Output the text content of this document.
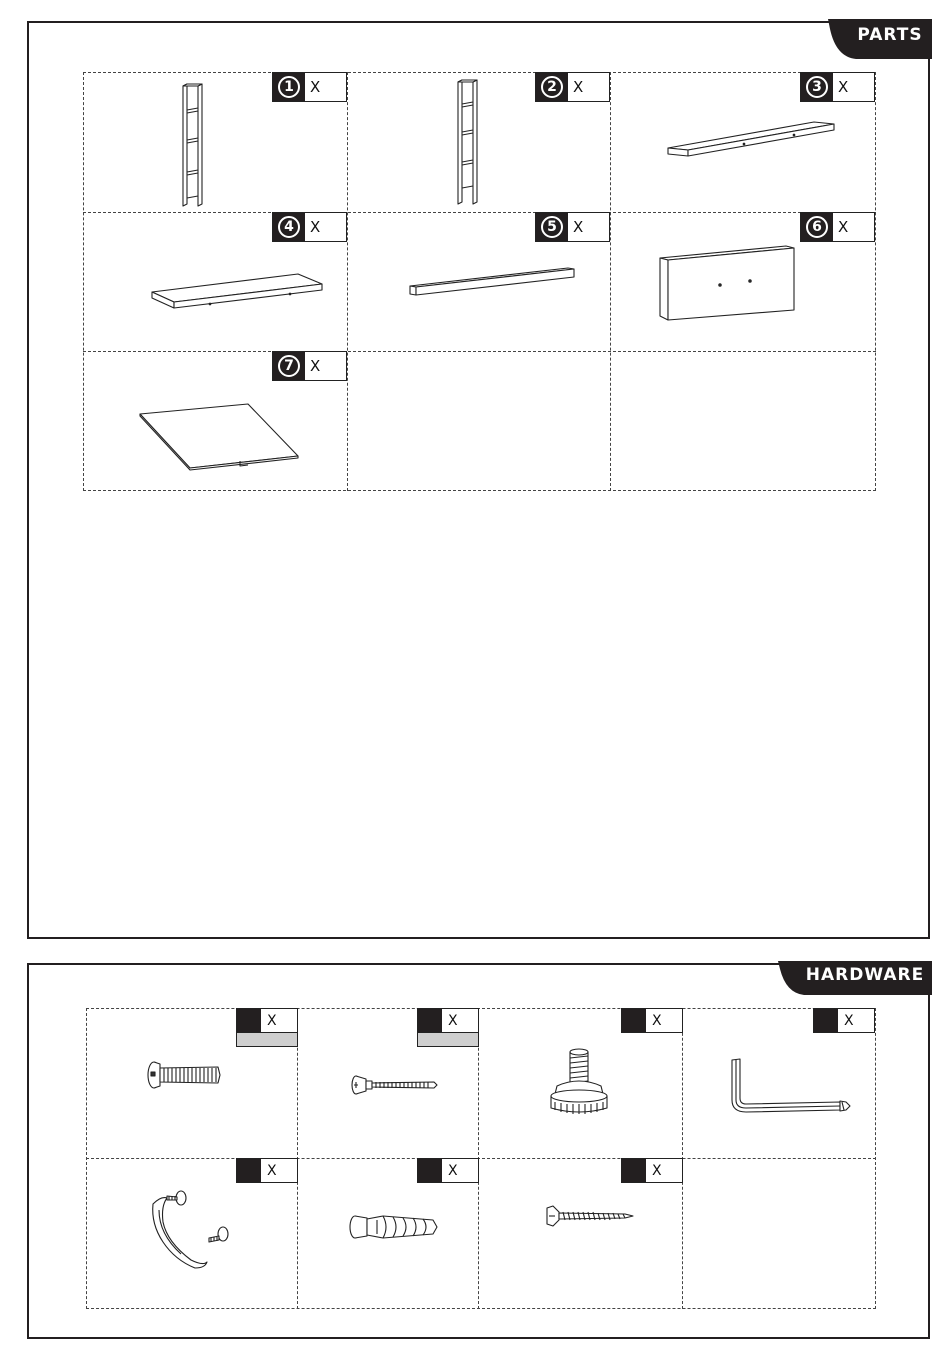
PARTS
1	X	2	X	3	X
4	X	5	X	6	X
7	X
HARDWARE
X	X	X	X
X	X	X
